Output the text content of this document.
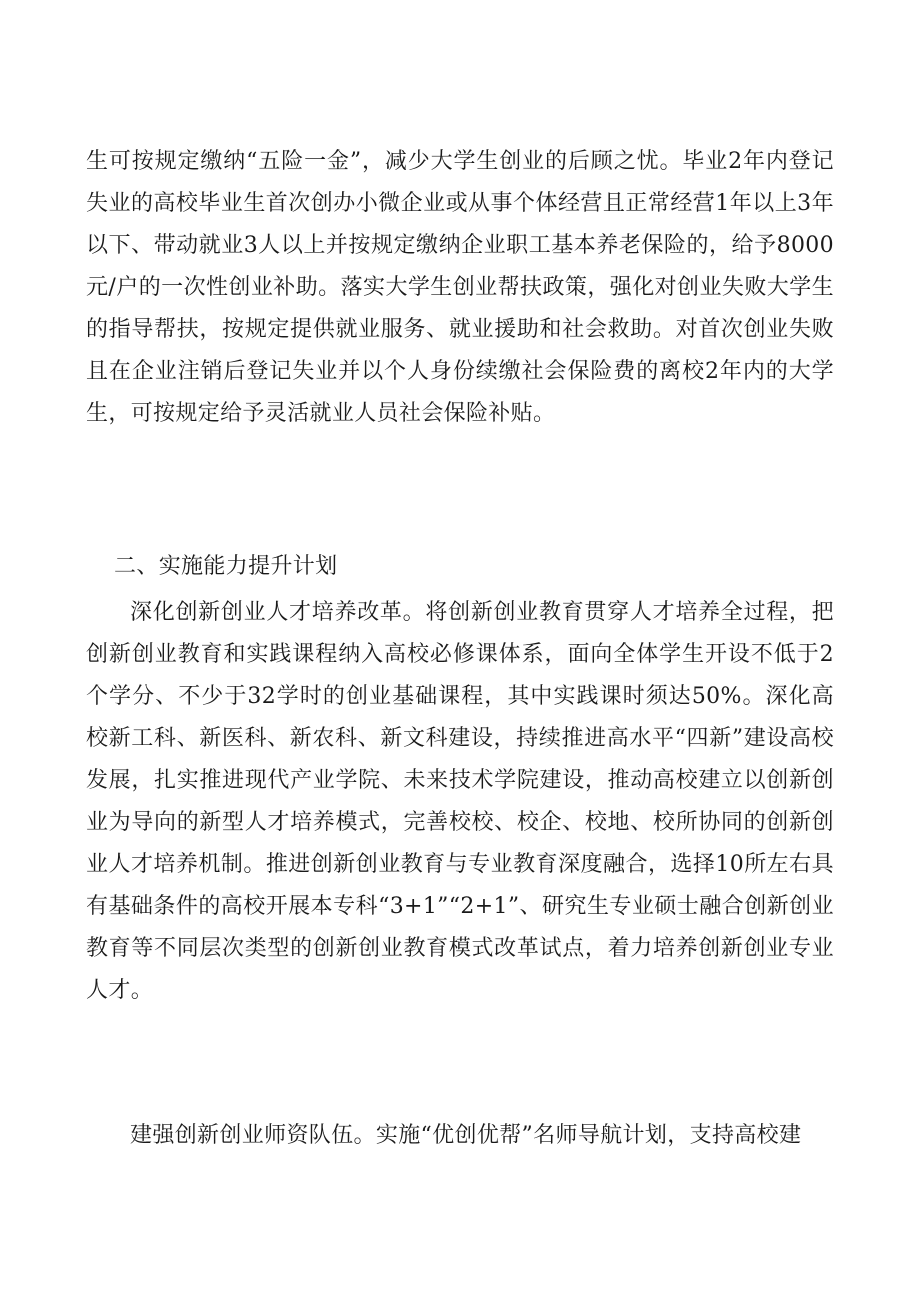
生可按规定缴纳“五险一金”，减少大学生创业的后顾之忧。毕业2年内登记失业的高校毕业生首次创办小微企业或从事个体经营且正常经营1年以上3年以下、带动就业3人以上并按规定缴纳企业职工基本养老保险的，给予8000元/户的一次性创业补助。落实大学生创业帮扶政策，强化对创业失败大学生的指导帮扶，按规定提供就业服务、就业援助和社会救助。对首次创业失败且在企业注销后登记失业并以个人身份续缴社会保险费的离校2年内的大学生，可按规定给予灵活就业人员社会保险补贴。

二、实施能力提升计划

深化创新创业人才培养改革。将创新创业教育贯穿人才培养全过程，把创新创业教育和实践课程纳入高校必修课体系，面向全体学生开设不低于2个学分、不少于32学时的创业基础课程，其中实践课时须达50%。深化高校新工科、新医科、新农科、新文科建设，持续推进高水平“四新”建设高校发展，扎实推进现代产业学院、未来技术学院建设，推动高校建立以创新创业为导向的新型人才培养模式，完善校校、校企、校地、校所协同的创新创业人才培养机制。推进创新创业教育与专业教育深度融合，选择10所左右具有基础条件的高校开展本专科“3+1”“2+1”、研究生专业硕士融合创新创业教育等不同层次类型的创新创业教育模式改革试点，着力培养创新创业专业人才。

建强创新创业师资队伍。实施“优创优帮”名师导航计划，支持高校建
